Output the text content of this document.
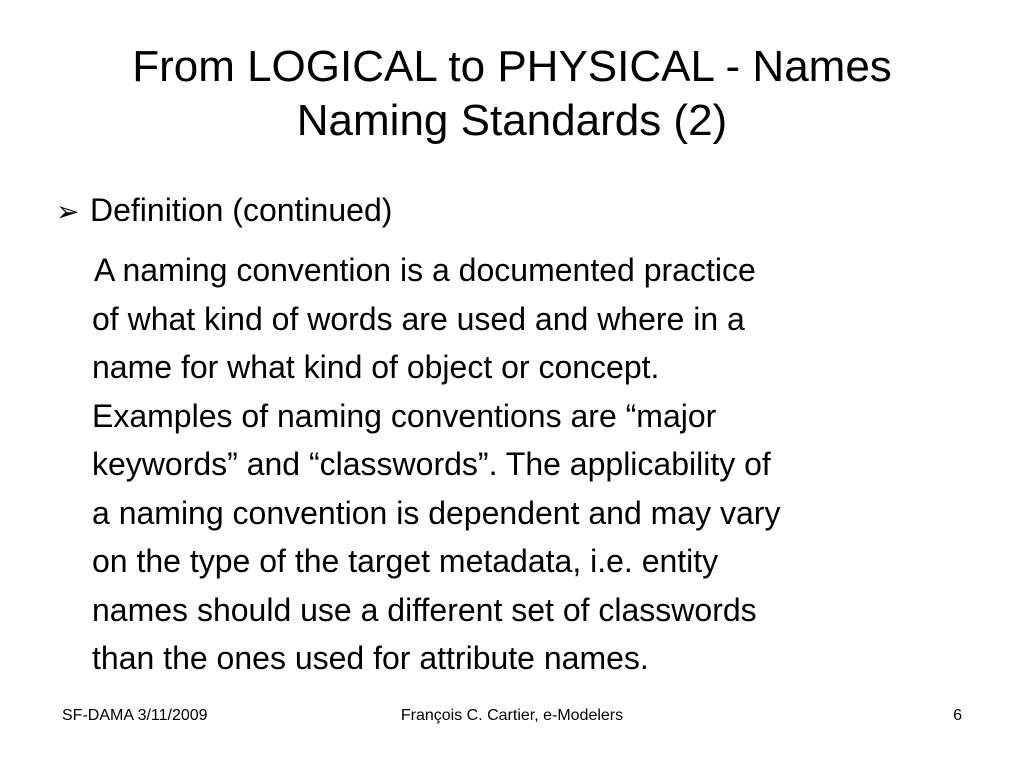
From LOGICAL to PHYSICAL - Names
Naming Standards (2)
➢ Definition (continued)
A naming convention is a documented practice
of what kind of words are used and where in a
name for what kind of object or concept.
Examples of naming conventions are “major
keywords” and “classwords”. The applicability of
a naming convention is dependent and may vary
on the type of the target metadata, i.e. entity
names should use a different set of classwords
than the ones used for attribute names.
SF-DAMA 3/11/2009	François C. Cartier, e-Modelers	6
